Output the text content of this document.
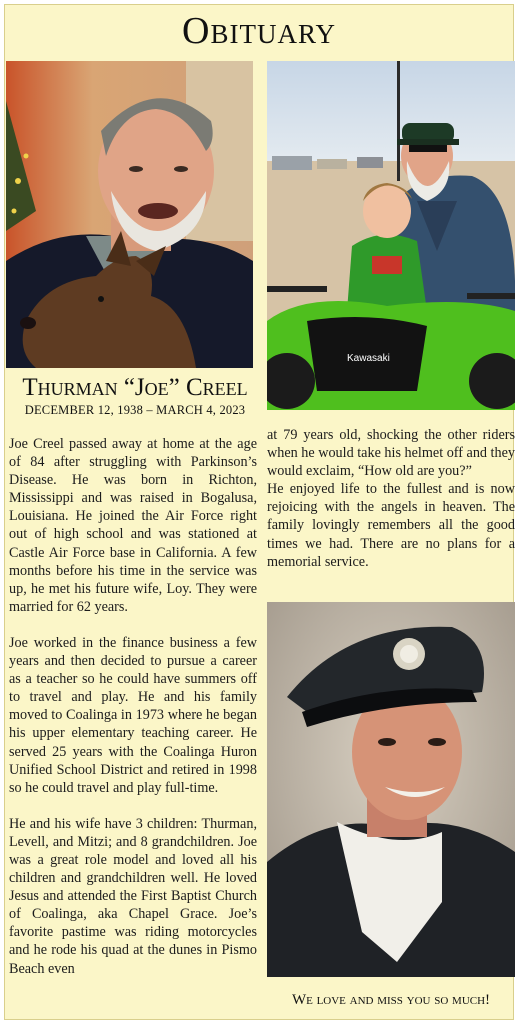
Obituary
Kawasaki
Thurman “Joe” Creel
DECEMBER 12, 1938 – MARCH 4, 2023

Joe Creel passed away at home at the age of 84 after struggling with Parkinson’s Disease. He was born in Richton, Mississippi and was raised in Bogalusa, Louisiana. He joined the Air Force right out of high school and was stationed at Castle Air Force base in California. A few months before his time in the service was up, he met his future wife, Loy. They were married for 62 years.

Joe worked in the finance business a few years and then decided to pursue a career as a teacher so he could have summers off to travel and play. He and his family moved to Coalinga in 1973 where he began his upper elementary teaching career. He served 25 years with the Coalinga Huron Unified School District and retired in 1998 so he could travel and play full-time.

He and his wife have 3 children: Thurman, Levell, and Mitzi; and 8 grandchildren. Joe was a great role model and loved all his children and grandchildren well. He loved Jesus and attended the First Baptist Church of Coalinga, aka Chapel Grace. Joe’s favorite pastime was riding motorcycles and he rode his quad at the dunes in Pismo Beach even

at 79 years old, shocking the other riders when he would take his helmet off and they would exclaim, “How old are you?”

He enjoyed life to the fullest and is now rejoicing with the angels in heaven. The family lovingly remembers all the good times we had. There are no plans for a memorial service.

We love and miss you so much!
